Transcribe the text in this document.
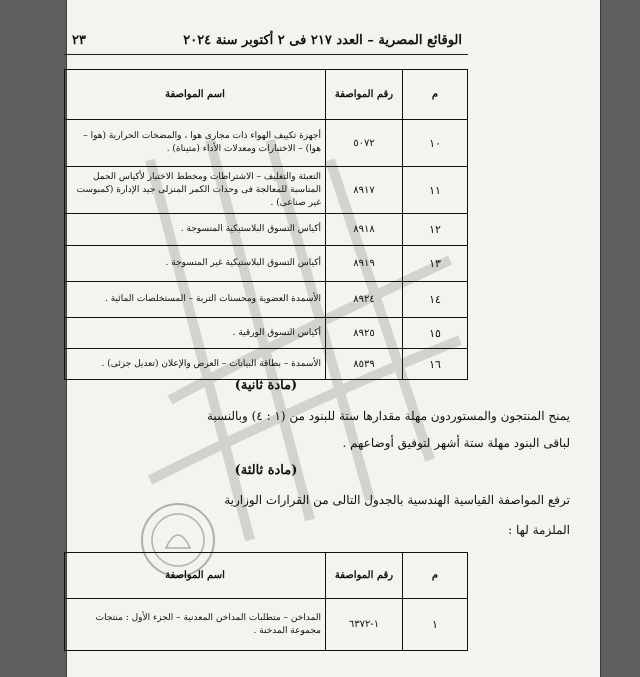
الوقائع المصرية – العدد ٢١٧ فى ٢ أكتوبر سنة ٢٠٢٤
٢٣
م	رقم المواصفة	اسم المواصفة
١٠	٥٠٧٢	أجهزة تكييف الهواء ذات مجارى هوا ، والمضخات الحرارية (هوا – هوا) – الاختبارات ومعدلات الأداء (متيناة) .
١١	٨٩١٧	التعبئة والتغليف – الاشتراطات ومخطط الاختبار لأكياس الحمل المناسبة للمعالجة فى وحدات الكمر المنزلى جيد الإدارة (كمبوست غير صناعى) .
١٢	٨٩١٨	أكياس التسوق البلاستيكية المنسوجة .
١٣	٨٩١٩	أكياس التسوق البلاستيكية غير المنسوجة .
١٤	٨٩٢٤	الأسمدة العضوية ومحسنات التربة – المستخلصات المائية .
١٥	٨٩٢٥	أكياس التسوق الورقية .
١٦	٨٥٣٩	الأسمدة – بطاقة البيانات – العرض والإعلان (تعديل جزئى) .
(مادة ثانية)
يمنح المنتجون والمستوردون مهلة مقدارها ستة للبنود من (١ : ٤) وبالنسبة
لباقى البنود مهلة ستة أشهر لتوفيق أوضاعهم .
(مادة ثالثة)
ترفع المواصفة القياسية الهندسية بالجدول التالى من القرارات الوزارية
الملزمة لها :
م	رقم المواصفة	اسم المواصفة
١	١-٦٣٧٢	المداخن – متطلبات المداخن المعدنية – الجزء الأول : منتجات مجموعة المدخنة .
